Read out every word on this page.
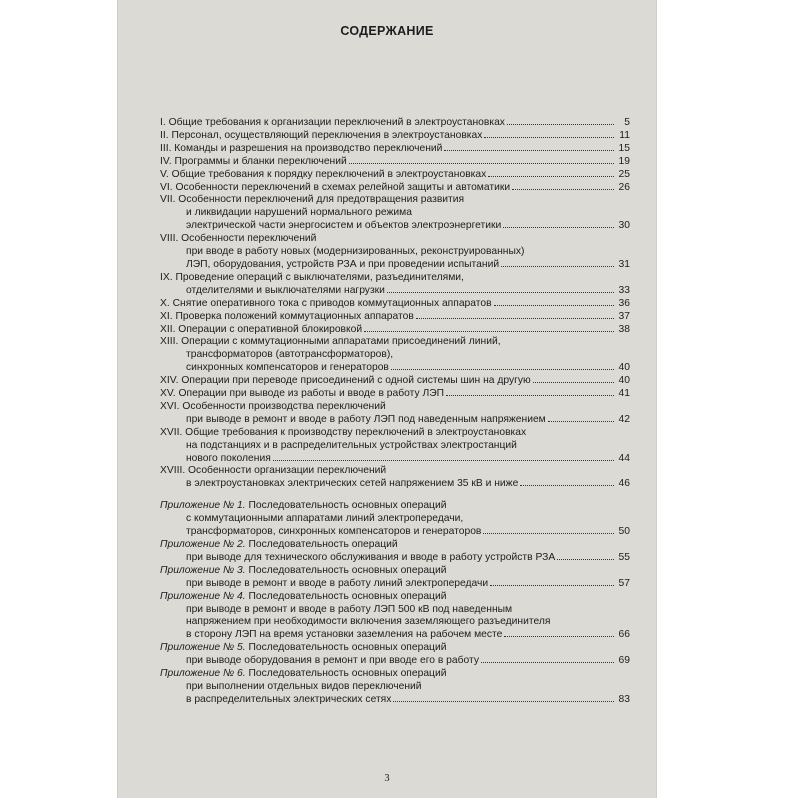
СОДЕРЖАНИЕ
I. Общие требования к организации переключений в электроустановках	5
II. Персонал, осуществляющий переключения в электроустановках	11
III. Команды и разрешения на производство переключений	15
IV. Программы и бланки переключений	19
V. Общие требования к порядку переключений в электроустановках	25
VI. Особенности переключений в схемах релейной защиты и автоматики	26
VII. Особенности переключений для предотвращения развития
и ликвидации нарушений нормального режима
электрической части энергосистем и объектов электроэнергетики	30
VIII. Особенности переключений
при вводе в работу новых (модернизированных, реконструированных)
ЛЭП, оборудования, устройств РЗА и при проведении испытаний	31
IX. Проведение операций с выключателями, разъединителями,
отделителями и выключателями нагрузки	33
X. Снятие оперативного тока с приводов коммутационных аппаратов	36
XI. Проверка положений коммутационных аппаратов	37
XII. Операции с оперативной блокировкой	38
XIII. Операции с коммутационными аппаратами присоединений линий,
трансформаторов (автотрансформаторов),
синхронных компенсаторов и генераторов	40
XIV. Операции при переводе присоединений с одной системы шин на другую	40
XV. Операции при выводе из работы и вводе в работу ЛЭП	41
XVI. Особенности производства переключений
при выводе в ремонт и вводе в работу ЛЭП под наведенным напряжением	42
XVII. Общие требования к производству переключений в электроустановках
на подстанциях и в распределительных устройствах электростанций
нового поколения	44
XVIII. Особенности организации переключений
в электроустановках электрических сетей напряжением 35 кВ и ниже	46
Приложение № 1. Последовательность основных операций
с коммутационными аппаратами линий электропередачи,
трансформаторов, синхронных компенсаторов и генераторов	50
Приложение № 2. Последовательность операций
при выводе для технического обслуживания и вводе в работу устройств РЗА	55
Приложение № 3. Последовательность основных операций
при выводе в ремонт и вводе в работу линий электропередачи	57
Приложение № 4. Последовательность основных операций
при выводе в ремонт и вводе в работу ЛЭП 500 кВ под наведенным
напряжением при необходимости включения заземляющего разъединителя
в сторону ЛЭП на время установки заземления на рабочем месте	66
Приложение № 5. Последовательность основных операций
при выводе оборудования в ремонт и при вводе его в работу	69
Приложение № 6. Последовательность основных операций
при выполнении отдельных видов переключений
в распределительных электрических сетях	83
3
